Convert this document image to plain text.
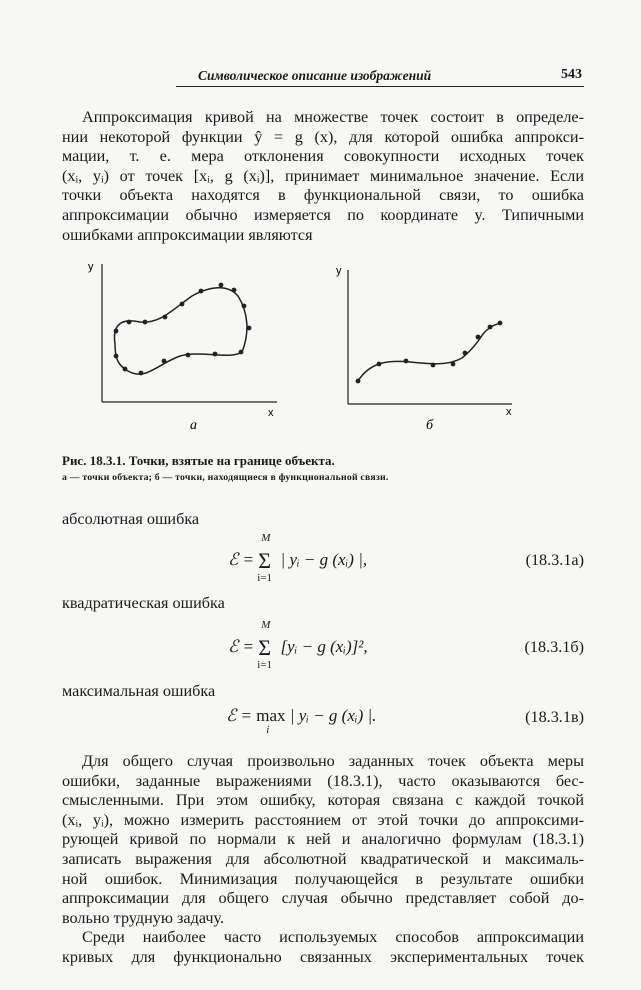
Символическое описание изображений	543

Аппроксимация кривой на множестве точек состоит в определе-
нии некоторой функции ŷ = g (x), для которой ошибка аппрокси-
мации, т. е. мера отклонения совокупности исходных точек
(xᵢ, yᵢ) от точек [xᵢ, g (xᵢ)], принимает минимальное значение. Если
точки объекта находятся в функциональной связи, то ошибка
аппроксимации обычно измеряется по координате y. Типичными
ошибками аппроксимации являются

y
x
а
y
x
б
Рис. 18.3.1. Точки, взятые на границе объекта.
а — точки объекта; б — точки, находящиеся в функциональной связи.

абсолютная ошибка

ℰ =
M
Σ
i=1
| yᵢ − g (xᵢ) |,	(18.3.1а)

квадратическая ошибка

ℰ =
M
Σ
i=1
[yᵢ − g (xᵢ)]²,	(18.3.1б)

максимальная ошибка

ℰ = max
i
| yᵢ − g (xᵢ) |.	(18.3.1в)

Для общего случая произвольно заданных точек объекта меры
ошибки, заданные выражениями (18.3.1), часто оказываются бес-
смысленными. При этом ошибку, которая связана с каждой точкой
(xᵢ, yᵢ), можно измерить расстоянием от этой точки до аппроксими-
рующей кривой по нормали к ней и аналогично формулам (18.3.1)
записать выражения для абсолютной квадратической и максималь-
ной ошибок. Минимизация получающейся в результате ошибки
аппроксимации для общего случая обычно представляет собой до-
вольно трудную задачу.
Среди наиболее часто используемых способов аппроксимации
кривых для функционально связанных экспериментальных точек
